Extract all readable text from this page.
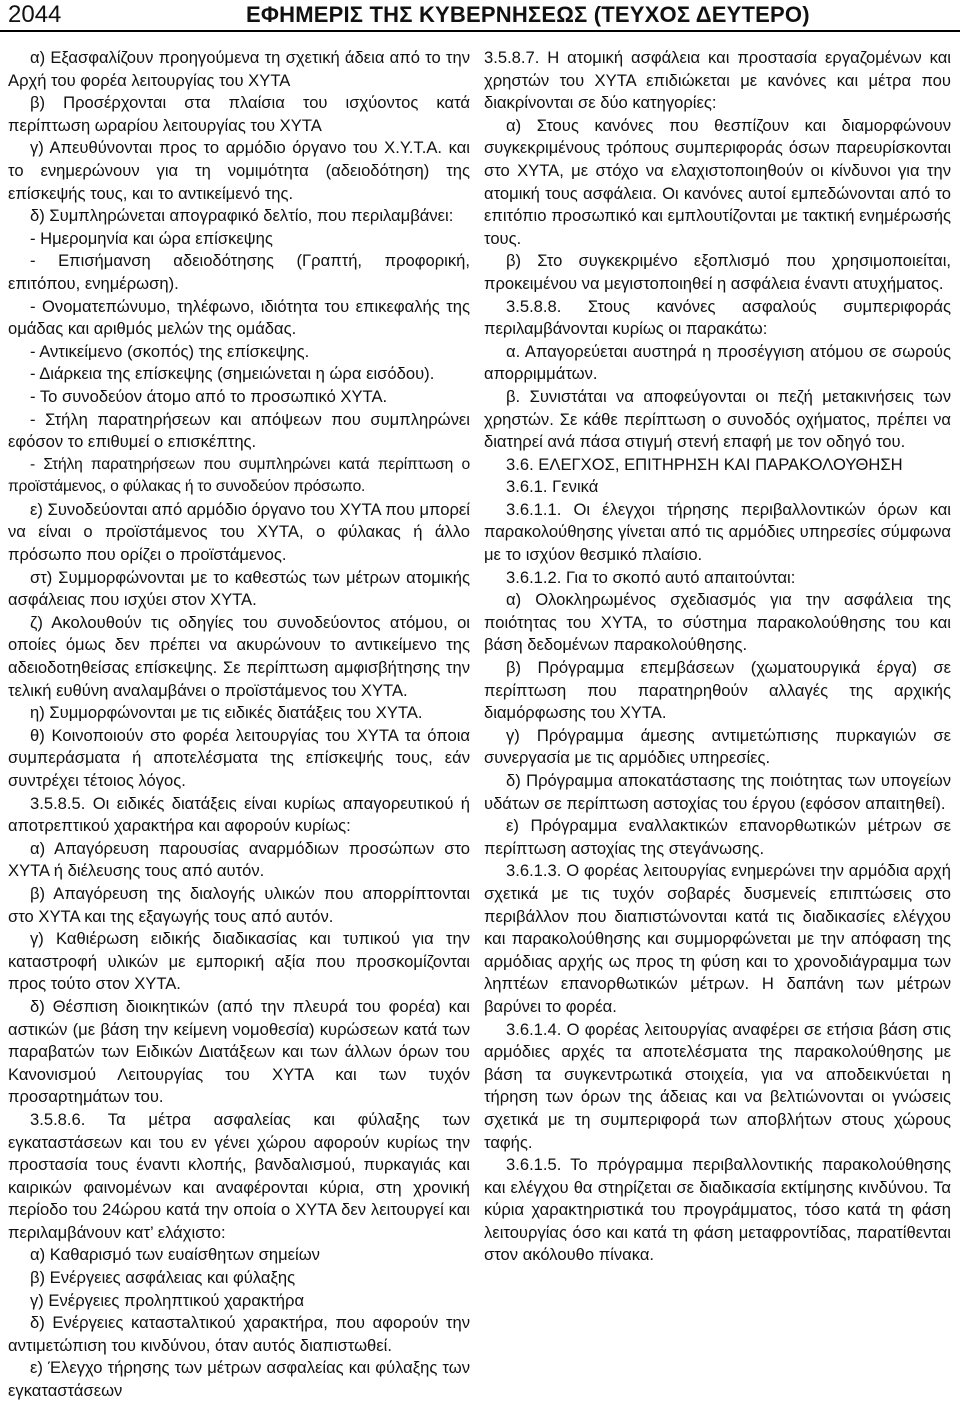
2044	ΕΦΗΜΕΡΙΣ ΤΗΣ ΚΥΒΕΡΝΗΣΕΩΣ (ΤΕΥΧΟΣ ΔΕΥΤΕΡΟ)

α) Εξασφαλίζουν προηγούμενα τη σχετική άδεια από το την Αρχή του φορέα λειτουργίας του ΧΥΤΑ

β) Προσέρχονται στα πλαίσια του ισχύοντος κατά περίπτωση ωραρίου λειτουργίας του ΧΥΤΑ

γ) Απευθύνονται προς το αρμόδιο όργανο του Χ.Υ.Τ.Α. και το ενημερώνουν για τη νομιμότητα (αδειοδότηση) της επίσκεψής τους, και το αντικείμενό της.

δ) Συμπληρώνεται απογραφικό δελτίο, που περιλαμβάνει:

- Ημερομηνία και ώρα επίσκεψης

- Επισήμανση αδειοδότησης (Γραπτή, προφορική, επιτόπου, ενημέρωση).

- Ονοματεπώνυμο, τηλέφωνο, ιδιότητα του επικεφαλής της ομάδας και αριθμός μελών της ομάδας.

- Αντικείμενο (σκοπός) της επίσκεψης.

- Διάρκεια της επίσκεψης (σημειώνεται η ώρα εισόδου).

- Το συνοδεύον άτομο από το προσωπικό ΧΥΤΑ.

- Στήλη παρατηρήσεων και απόψεων που συμπληρώνει εφόσον το επιθυμεί ο επισκέπτης.

- Στήλη παρατηρήσεων που συμπληρώνει κατά περίπτωση ο προϊστάμενος, ο φύλακας ή το συνοδεύον πρόσωπο.

ε) Συνοδεύονται από αρμόδιο όργανο του ΧΥΤΑ που μπορεί να είναι ο προϊστάμενος του ΧΥΤΑ, ο φύλακας ή άλλο πρόσωπο που ορίζει ο προϊστάμενος.

στ) Συμμορφώνονται με το καθεστώς των μέτρων ατομικής ασφάλειας που ισχύει στον ΧΥΤΑ.

ζ) Ακολουθούν τις οδηγίες του συνοδεύοντος ατόμου, οι οποίες όμως δεν πρέπει να ακυρώνουν το αντικείμενο της αδειοδοτηθείσας επίσκεψης. Σε περίπτωση αμφισβήτησης την τελική ευθύνη αναλαμβάνει ο προϊστάμενος του ΧΥΤΑ.

η) Συμμορφώνονται με τις ειδικές διατάξεις του ΧΥΤΑ.

θ) Κοινοποιούν στο φορέα λειτουργίας του ΧΥΤΑ τα όποια συμπεράσματα ή αποτελέσματα της επίσκεψής τους, εάν συντρέχει τέτοιος λόγος.

3.5.8.5. Οι ειδικές διατάξεις είναι κυρίως απαγορευτικού ή αποτρεπτικού χαρακτήρα και αφορούν κυρίως:

α) Απαγόρευση παρουσίας αναρμόδιων προσώπων στο ΧΥΤΑ ή διέλευσης τους από αυτόν.

β) Απαγόρευση της διαλογής υλικών που απορρίπτονται στο ΧΥΤΑ και της εξαγωγής τους από αυτόν.

γ) Καθιέρωση ειδικής διαδικασίας και τυπικού για την καταστροφή υλικών με εμπορική αξία που προσκομίζονται προς τούτο στον ΧΥΤΑ.

δ) Θέσπιση διοικητικών (από την πλευρά του φορέα) και αστικών (με βάση την κείμενη νομοθεσία) κυρώσεων κατά των παραβατών των Ειδικών Διατάξεων και των άλλων όρων του Κανονισμού Λειτουργίας του ΧΥΤΑ και των τυχόν προσαρτημάτων του.

3.5.8.6. Τα μέτρα ασφαλείας και φύλαξης των εγκαταστάσεων και του εν γένει χώρου αφορούν κυρίως την προστασία τους έναντι κλοπής, βανδαλισμού, πυρκαγιάς και καιρικών φαινομένων και αναφέρονται κύρια, στη χρονική περίοδο του 24ώρου κατά την οποία ο ΧΥΤΑ δεν λειτουργεί και περιλαμβάνουν κατ’ ελάχιστο:

α) Καθαρισμό των ευαίσθητων σημείων

β) Ενέργειες ασφάλειας και φύλαξης

γ) Ενέργειες προληπτικού χαρακτήρα

δ) Ενέργειες καταστaλτικού χαρακτήρα, που αφορούν την αντιμετώπιση του κινδύνου, όταν αυτός διαπιστωθεί.

ε) Έλεγχο τήρησης των μέτρων ασφαλείας και φύλαξης των εγκαταστάσεων

3.5.8.7. Η ατομική ασφάλεια και προστασία εργαζομένων και χρηστών του ΧΥΤΑ επιδιώκεται με κανόνες και μέτρα που διακρίνονται σε δύο κατηγορίες:

α) Στους κανόνες που θεσπίζουν και διαμορφώνουν συγκεκριμένους τρόπους συμπεριφοράς όσων παρευρίσκονται στο ΧΥΤΑ, με στόχο να ελαχιστοποιηθούν οι κίνδυνοι για την ατομική τους ασφάλεια. Οι κανόνες αυτοί εμπεδώνονται από το επιτόπιο προσωπικό και εμπλουτίζονται με τακτική ενημέρωσής τους.

β) Στο συγκεκριμένο εξοπλισμό που χρησιμοποιείται, προκειμένου να μεγιστοποιηθεί η ασφάλεια έναντι ατυχήματος.

3.5.8.8. Στους κανόνες ασφαλούς συμπεριφοράς περιλαμβάνονται κυρίως οι παρακάτω:

α. Απαγορεύεται αυστηρά η προσέγγιση ατόμου σε σωρούς απορριμμάτων.

β. Συνιστάται να αποφεύγονται οι πεζή μετακινήσεις των χρηστών. Σε κάθε περίπτωση ο συνοδός οχήματος, πρέπει να διατηρεί ανά πάσα στιγμή στενή επαφή με τον οδηγό του.

3.6. ΕΛΕΓΧΟΣ, ΕΠΙΤΗΡΗΣΗ ΚΑΙ ΠΑΡΑΚΟΛΟΥΘΗΣΗ

3.6.1. Γενικά

3.6.1.1. Οι έλεγχοι τήρησης περιβαλλοντικών όρων και παρακολούθησης γίνεται από τις αρμόδιες υπηρεσίες σύμφωνα με το ισχύον θεσμικό πλαίσιο.

3.6.1.2. Για το σκοπό αυτό απαιτούνται:

α) Ολοκληρωμένος σχεδιασμός για την ασφάλεια της ποιότητας του ΧΥΤΑ, το σύστημα παρακολούθησης του και βάση δεδομένων παρακολούθησης.

β) Πρόγραμμα επεμβάσεων (χωματουργικά έργα) σε περίπτωση που παρατηρηθούν αλλαγές της αρχικής διαμόρφωσης του ΧΥΤΑ.

γ) Πρόγραμμα άμεσης αντιμετώπισης πυρκαγιών σε συνεργασία με τις αρμόδιες υπηρεσίες.

δ) Πρόγραμμα αποκατάστασης της ποιότητας των υπογείων υδάτων σε περίπτωση αστοχίας του έργου (εφόσον απαιτηθεί).

ε) Πρόγραμμα εναλλακτικών επανορθωτικών μέτρων σε περίπτωση αστοχίας της στεγάνωσης.

3.6.1.3. Ο φορέας λειτουργίας ενημερώνει την αρμόδια αρχή σχετικά με τις τυχόν σοβαρές δυσμενείς επιπτώσεις στο περιβάλλον που διαπιστώνονται κατά τις διαδικασίες ελέγχου και παρακολούθησης και συμμορφώνεται με την απόφαση της αρμόδιας αρχής ως προς τη φύση και το χρονοδιάγραμμα των ληπτέων επανορθωτικών μέτρων. Η δαπάνη των μέτρων βαρύνει το φορέα.

3.6.1.4. Ο φορέας λειτουργίας αναφέρει σε ετήσια βάση στις αρμόδιες αρχές τα αποτελέσματα της παρακολούθησης με βάση τα συγκεντρωτικά στοιχεία, για να αποδεικνύεται η τήρηση των όρων της άδειας και να βελτιώνονται οι γνώσεις σχετικά με τη συμπεριφορά των αποβλήτων στους χώρους ταφής.

3.6.1.5. Το πρόγραμμα περιβαλλοντικής παρακολούθησης και ελέγχου θα στηρίζεται σε διαδικασία εκτίμησης κινδύνου. Τα κύρια χαρακτηριστικά του προγράμματος, τόσο κατά τη φάση λειτουργίας όσο και κατά τη φάση μεταφροντίδας, παρατίθενται στον ακόλουθο πίνακα.
